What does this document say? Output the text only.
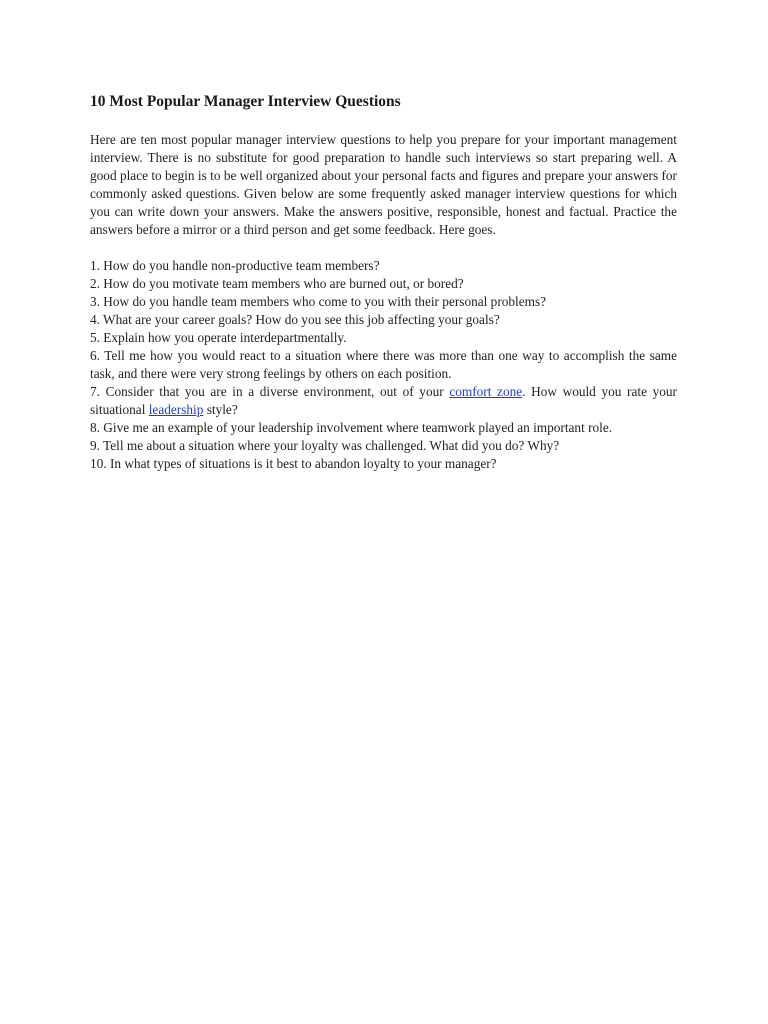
10 Most Popular Manager Interview Questions

Here are ten most popular manager interview questions to help you prepare for your important management interview. There is no substitute for good preparation to handle such interviews so start preparing well. A good place to begin is to be well organized about your personal facts and figures and prepare your answers for commonly asked questions. Given below are some frequently asked manager interview questions for which you can write down your answers. Make the answers positive, responsible, honest and factual. Practice the answers before a mirror or a third person and get some feedback. Here goes.

1. How do you handle non-productive team members?
2. How do you motivate team members who are burned out, or bored?
3. How do you handle team members who come to you with their personal problems?
4. What are your career goals? How do you see this job affecting your goals?
5. Explain how you operate interdepartmentally.
6. Tell me how you would react to a situation where there was more than one way to accomplish the same task, and there were very strong feelings by others on each position.
7. Consider that you are in a diverse environment, out of your comfort zone. How would you rate your situational leadership style?
8. Give me an example of your leadership involvement where teamwork played an important role.
9. Tell me about a situation where your loyalty was challenged. What did you do? Why?
10. In what types of situations is it best to abandon loyalty to your manager?
